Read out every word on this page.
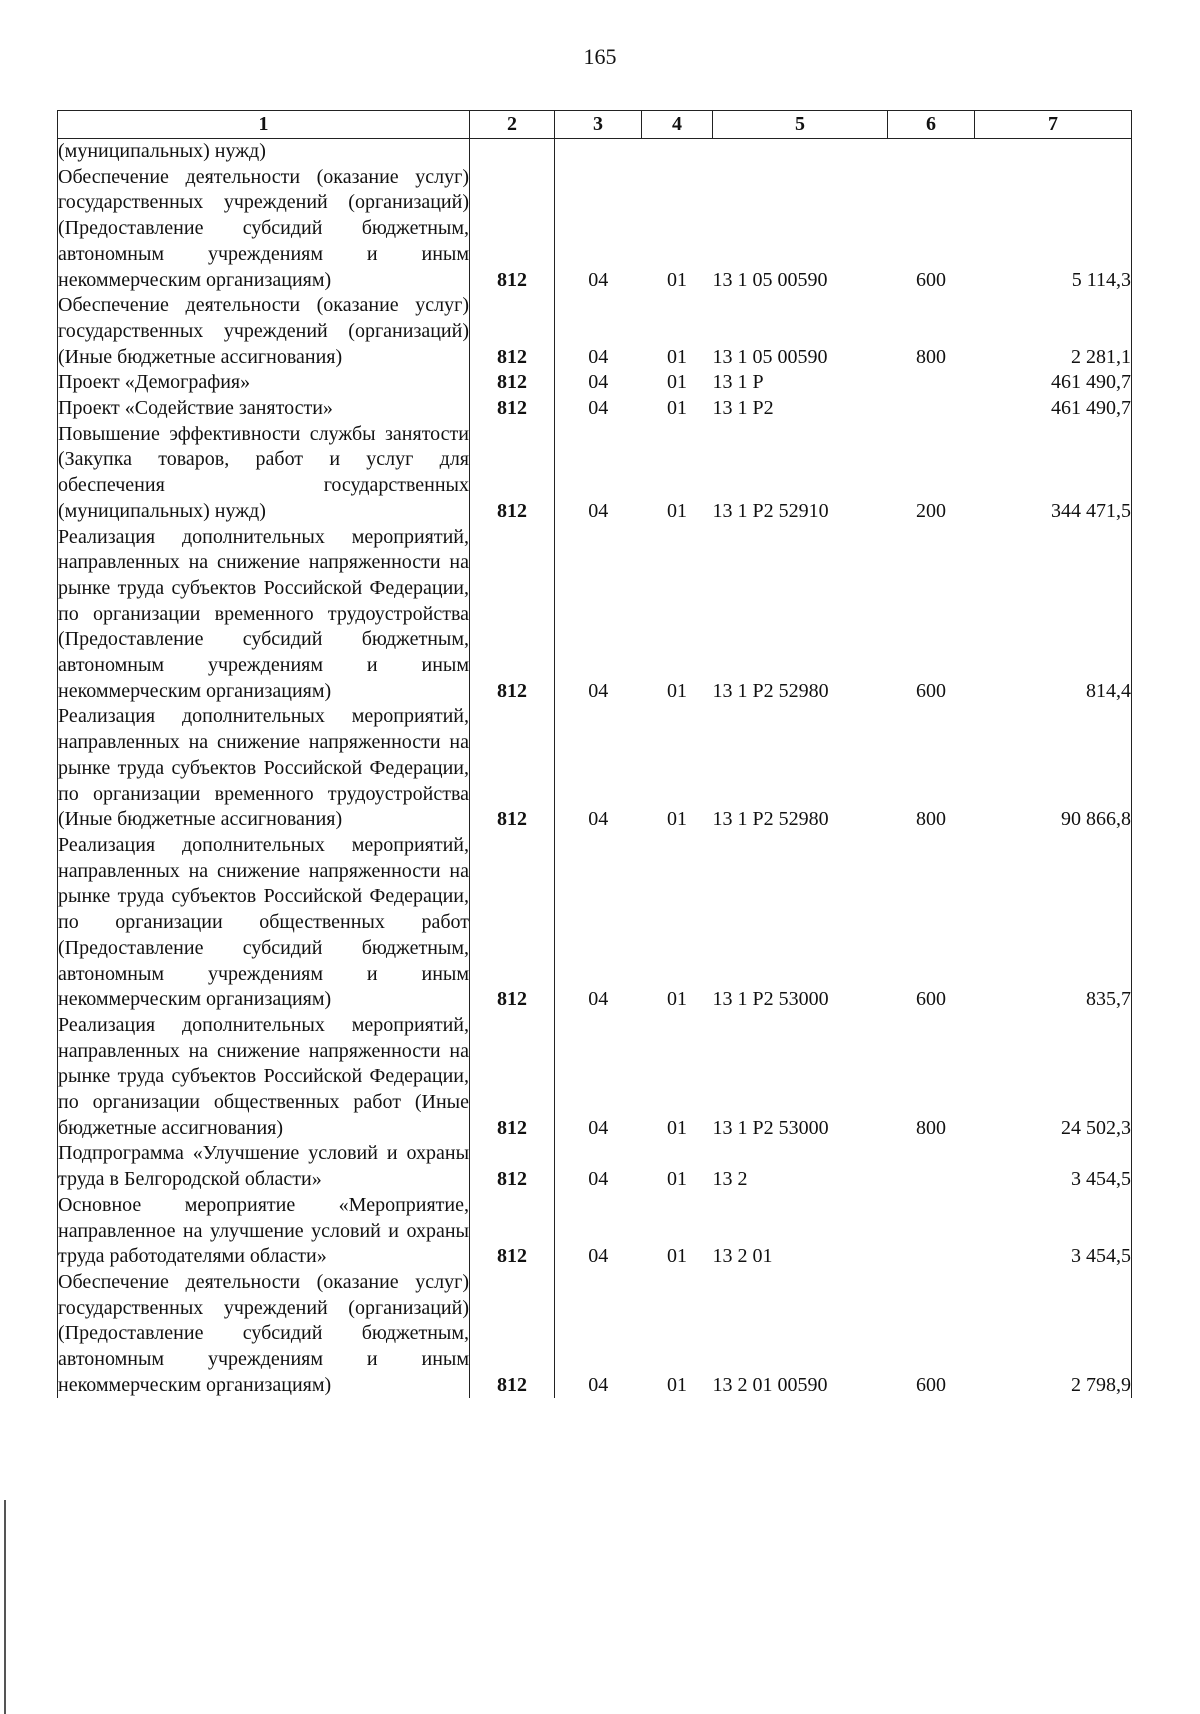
165
1	2	3	4	5	6	7
(муниципальных) нужд)						
Обеспечение деятельности (оказание услуг) государственных учреждений (организаций) (Предоставление субсидий бюджетным, автономным учреждениям и иным некоммерческим организациям)	812	04	01	13 1 05 00590	600	5 114,3
Обеспечение деятельности (оказание услуг) государственных учреждений (организаций) (Иные бюджетные ассигнования)	812	04	01	13 1 05 00590	800	2 281,1
Проект «Демография»	812	04	01	13 1 P		461 490,7
Проект «Содействие занятости»	812	04	01	13 1 P2		461 490,7
Повышение эффективности службы занятости (Закупка товаров, работ и услуг для обеспечения государственных (муниципальных) нужд)	812	04	01	13 1 P2 52910	200	344 471,5
Реализация дополнительных мероприятий, направленных на снижение напряженности на рынке труда субъектов Российской Федерации, по организации временного трудоустройства (Предоставление субсидий бюджетным, автономным учреждениям и иным некоммерческим организациям)	812	04	01	13 1 P2 52980	600	814,4
Реализация дополнительных мероприятий, направленных на снижение напряженности на рынке труда субъектов Российской Федерации, по организации временного трудоустройства (Иные бюджетные ассигнования)	812	04	01	13 1 P2 52980	800	90 866,8
Реализация дополнительных мероприятий, направленных на снижение напряженности на рынке труда субъектов Российской Федерации, по организации общественных работ (Предоставление субсидий бюджетным, автономным учреждениям и иным некоммерческим организациям)	812	04	01	13 1 P2 53000	600	835,7
Реализация дополнительных мероприятий, направленных на снижение напряженности на рынке труда субъектов Российской Федерации, по организации общественных работ (Иные бюджетные ассигнования)	812	04	01	13 1 P2 53000	800	24 502,3
Подпрограмма «Улучшение условий и охраны труда в Белгородской области»	812	04	01	13 2		3 454,5
Основное мероприятие «Мероприятие, направленное на улучшение условий и охраны труда работодателями области»	812	04	01	13 2 01		3 454,5
Обеспечение деятельности (оказание услуг) государственных учреждений (организаций) (Предоставление субсидий бюджетным, автономным учреждениям и иным некоммерческим организациям)	812	04	01	13 2 01 00590	600	2 798,9
